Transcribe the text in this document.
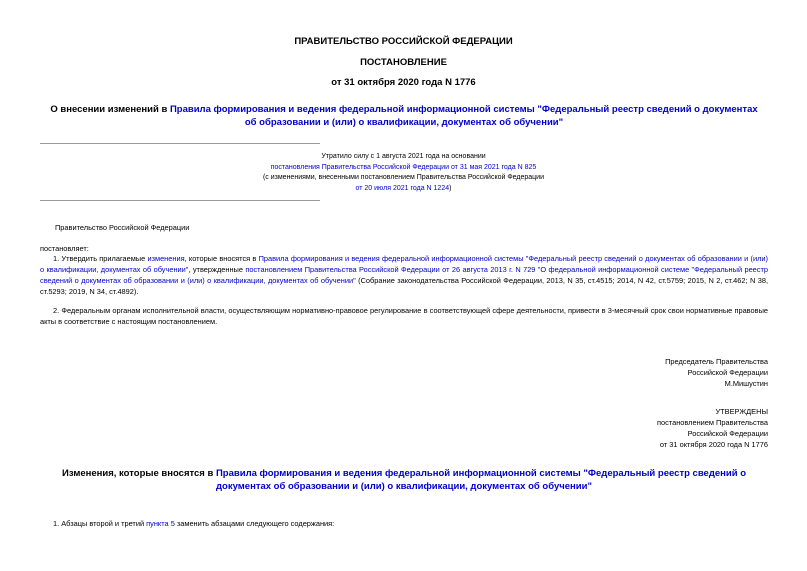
ПРАВИТЕЛЬСТВО РОССИЙСКОЙ ФЕДЕРАЦИИ
ПОСТАНОВЛЕНИЕ
от 31 октября 2020 года N 1776
О внесении изменений в Правила формирования и ведения федеральной информационной системы "Федеральный реестр сведений о документах об образовании и (или) о квалификации, документах об обучении"

Утратило силу с 1 августа 2021 года на основании

постановления Правительства Российской Федерации от 31 мая 2021 года N 825

(с изменениями, внесенными постановлением Правительства Российской Федерации

от 20 июля 2021 года N 1224)

Правительство Российской Федерации
постановляет:
1. Утвердить прилагаемые изменения, которые вносятся в Правила формирования и ведения федеральной информационной системы "Федеральный реестр сведений о документах об образовании и (или) о квалификации, документах об обучении", утвержденные постановлением Правительства Российской Федерации от 26 августа 2013 г. N 729 "О федеральной информационной системе "Федеральный реестр сведений о документах об образовании и (или) о квалификации, документах об обучении" (Собрание законодательства Российской Федерации, 2013, N 35, ст.4515; 2014, N 42, ст.5759; 2015, N 2, ст.462; N 38, ст.5293; 2019, N 34, ст.4892).
2. Федеральным органам исполнительной власти, осуществляющим нормативно-правовое регулирование в соответствующей сфере деятельности, привести в 3-месячный срок свои нормативные правовые акты в соответствие с настоящим постановлением.

Председатель Правительства

Российской Федерации

М.Мишустин

УТВЕРЖДЕНЫ

постановлением Правительства

Российской Федерации

от 31 октября 2020 года N 1776

Изменения, которые вносятся в Правила формирования и ведения федеральной информационной системы "Федеральный реестр сведений о документах об образовании и (или) о квалификации, документах об обучении"
1. Абзацы второй и третий пункта 5 заменить абзацами следующего содержания:
